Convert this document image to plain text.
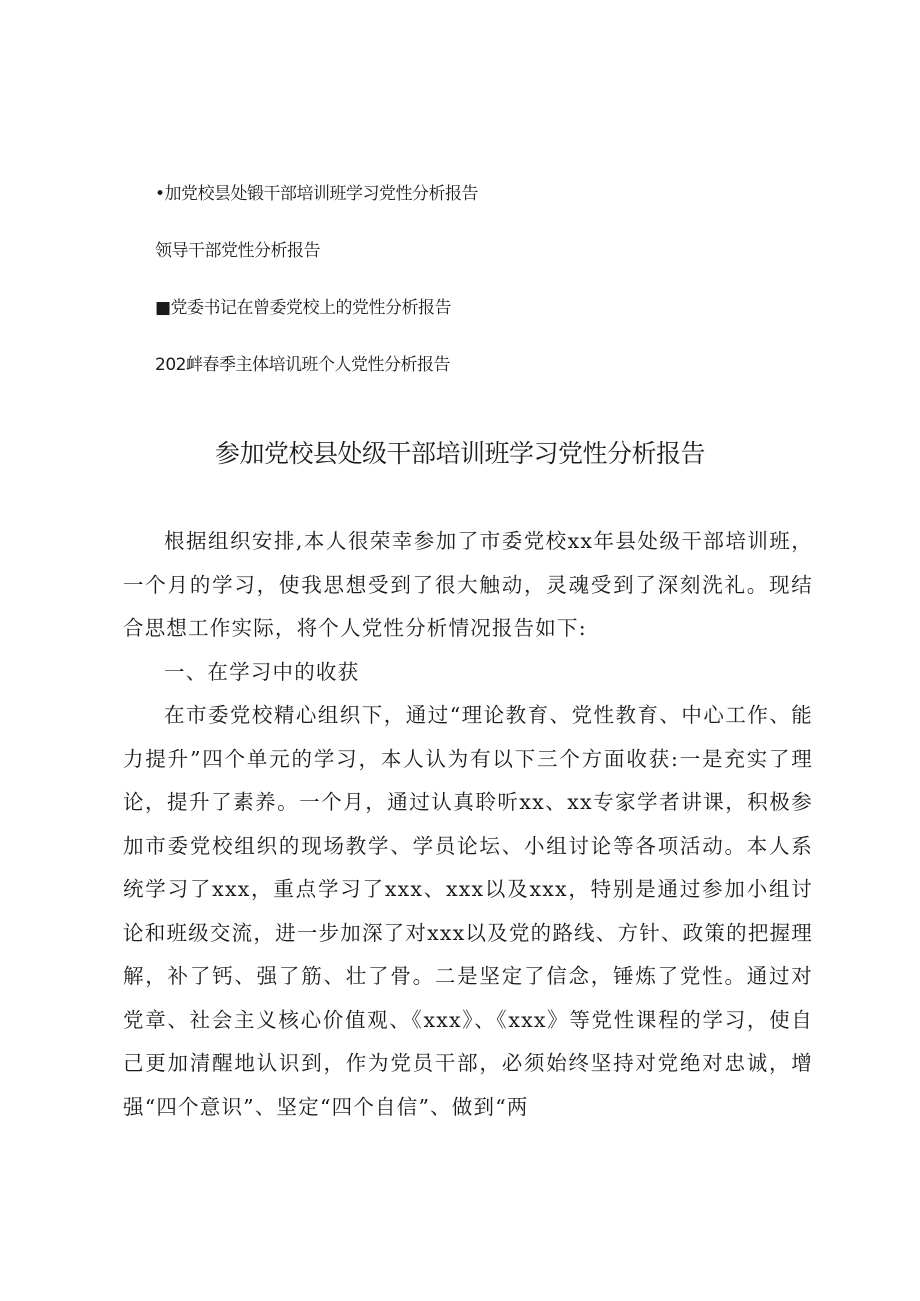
•加党校昙处锻干部培训班学习党性分析报告
领导干部党性分析报告
■党委书记在曾委党校上的党性分析报告
202衅春季主体培讥班个人党性分析报告
参加党校县处级干部培训班学习党性分析报告

根据组织安排,本人很荣幸参加了市委党校xx年县处级干部培训班，一个月的学习，使我思想受到了很大触动，灵魂受到了深刻洗礼。现结合思想工作实际，将个人党性分析情况报告如下:

一、在学习中的收获

在市委党校精心组织下，通过“理论教育、党性教育、中心工作、能力提升”四个单元的学习，本人认为有以下三个方面收获:一是充实了理论，提升了素养。一个月，通过认真聆听xx、xx专家学者讲课，积极参加市委党校组织的现场教学、学员论坛、小组讨论等各项活动。本人系统学习了xxx，重点学习了xxx、xxx以及xxx，特别是通过参加小组讨论和班级交流，进一步加深了对xxx以及党的路线、方针、政策的把握理解，补了钙、强了筋、壮了骨。二是坚定了信念，锤炼了党性。通过对党章、社会主义核心价值观、《xxx》、《xxx》等党性课程的学习，使自己更加清醒地认识到，作为党员干部，必须始终坚持对党绝对忠诚，增强“四个意识”、坚定“四个自信”、做到“两
